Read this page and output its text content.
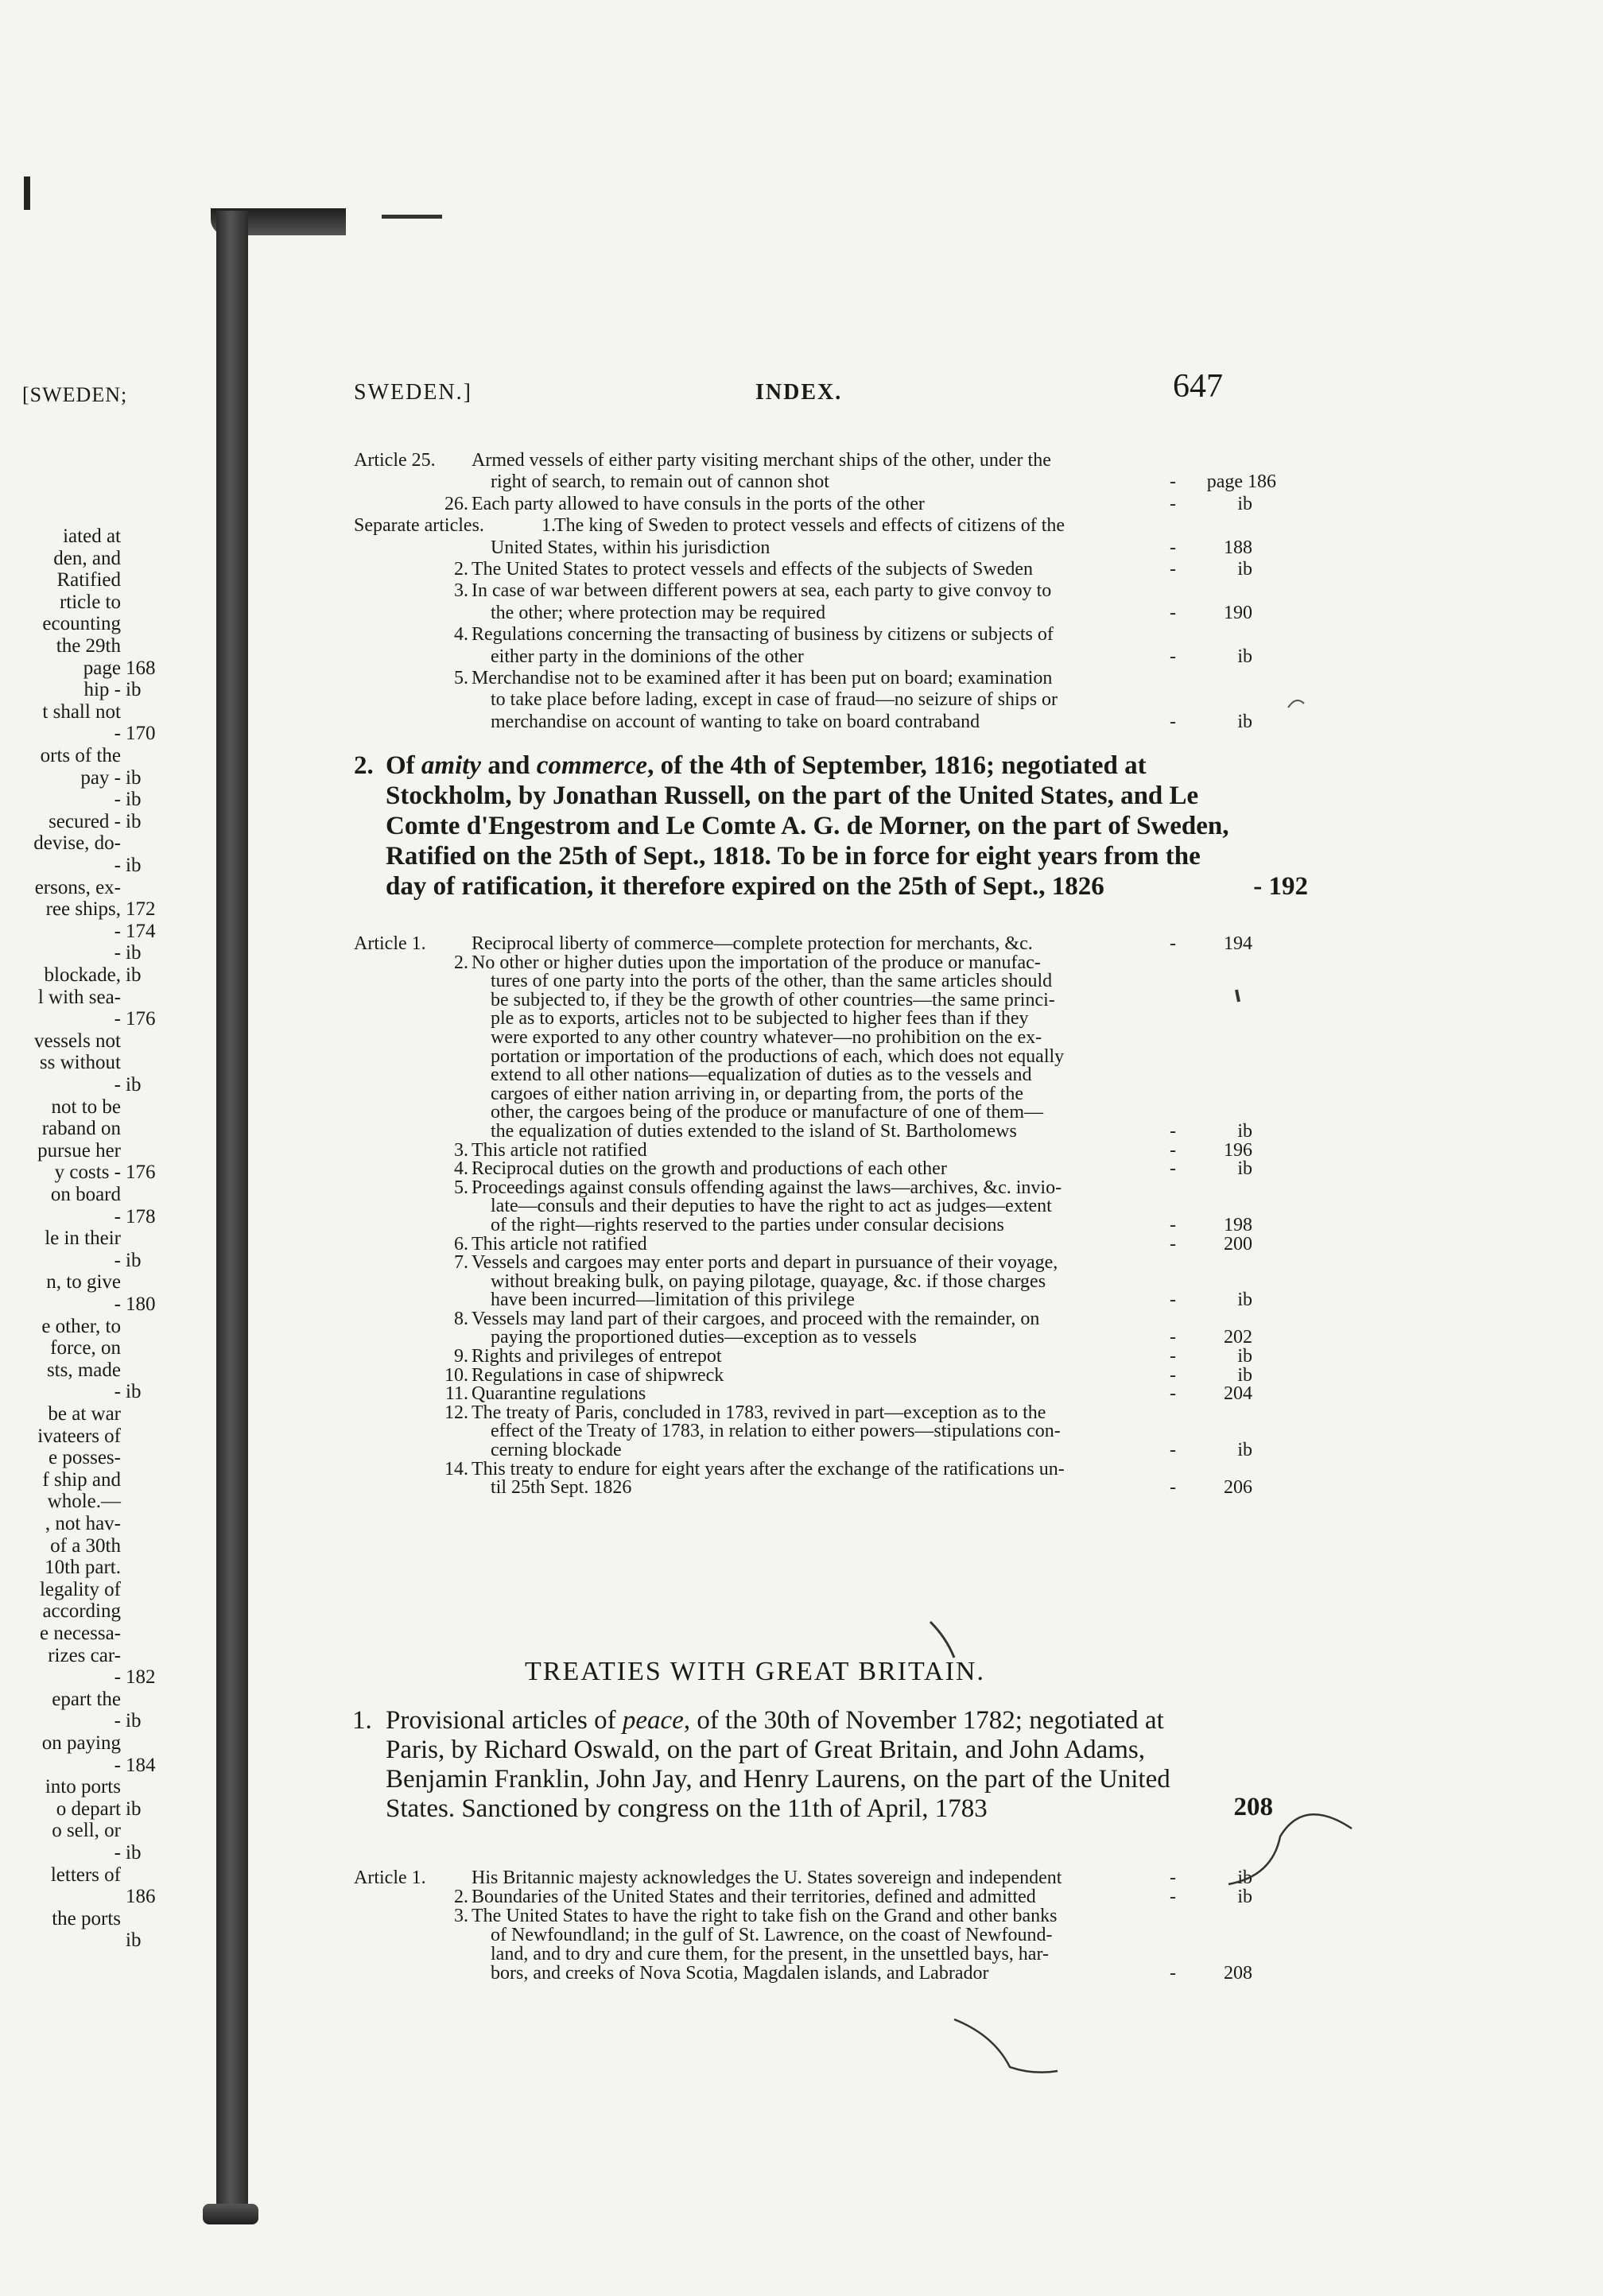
[SWEDEN;
iated at
den, and
Ratified
rticle to
ecounting
the 29th
page 168
hip - ib
t shall not
- 170
orts of the
pay - ib
- ib
secured - ib
devise, do-
- ib
ersons, ex-
ree ships, 172
- 174
- ib
blockade, ib
l with sea-
- 176
vessels not
ss without
- ib
not to be
raband on
pursue her
y costs - 176
on board
- 178
le in their
- ib
n, to give
- 180
e other, to
force, on
sts, made
- ib
be at war
ivateers of
e posses-
f ship and
whole.—
, not hav-
of a 30th
10th part.
legality of
according
e necessa-
rizes car-
- 182
epart the
- ib
on paying
- 184
into ports
o depart ib
o sell, or
- ib
letters of
186
the ports
ib
SWEDEN.]	INDEX.	647
Article 25. Armed vessels of either party visiting merchant ships of the other, under the
right of search, to remain out of cannon shot	-	page 186
26. Each party allowed to have consuls in the ports of the other	-	ib
Separate articles.	1.
The king of Sweden to protect vessels and effects of citizens of the
United States, within his jurisdiction	-	188
2. The United States to protect vessels and effects of the subjects of Sweden	-	ib
3. In case of war between different powers at sea, each party to give convoy to
the other; where protection may be required	-	190
4. Regulations concerning the transacting of business by citizens or subjects of
either party in the dominions of the other	-	ib
5. Merchandise not to be examined after it has been put on board; examination
to take place before lading, except in case of fraud—no seizure of ships or
merchandise on account of wanting to take on board contraband	-	ib
2. Of amity and commerce, of the 4th of September, 1816; negotiated at Stockholm, by Jonathan Russell, on the part of the United States, and Le Comte d'Engestrom and Le Comte A. G. de Morner, on the part of Sweden, Ratified on the 25th of Sept., 1818. To be in force for eight years from the day of ratification, it therefore expired on the 25th of Sept., 1826	- 192
Article 1. Reciprocal liberty of commerce—complete protection for merchants, &c.	-	194
2. No other or higher duties upon the importation of the produce or manufac-
tures of one party into the ports of the other, than the same articles should
be subjected to, if they be the growth of other countries—the same princi-
ple as to exports, articles not to be subjected to higher fees than if they
were exported to any other country whatever—no prohibition on the ex-
portation or importation of the productions of each, which does not equally
extend to all other nations—equalization of duties as to the vessels and
cargoes of either nation arriving in, or departing from, the ports of the
other, the cargoes being of the produce or manufacture of one of them—
the equalization of duties extended to the island of St. Bartholomews	-	ib
3. This article not ratified	-	196
4. Reciprocal duties on the growth and productions of each other	-	ib
5. Proceedings against consuls offending against the laws—archives, &c. invio-
late—consuls and their deputies to have the right to act as judges—extent
of the right—rights reserved to the parties under consular decisions	-	198
6. This article not ratified	-	200
7. Vessels and cargoes may enter ports and depart in pursuance of their voyage,
without breaking bulk, on paying pilotage, quayage, &c. if those charges
have been incurred—limitation of this privilege	-	ib
8. Vessels may land part of their cargoes, and proceed with the remainder, on
paying the proportioned duties—exception as to vessels	-	202
9. Rights and privileges of entrepot	-	ib
10. Regulations in case of shipwreck	-	ib
11. Quarantine regulations	-	204
12. The treaty of Paris, concluded in 1783, revived in part—exception as to the
effect of the Treaty of 1783, in relation to either powers—stipulations con-
cerning blockade	-	ib
14. This treaty to endure for eight years after the exchange of the ratifications un-
til 25th Sept. 1826	-	206
TREATIES WITH GREAT BRITAIN.
1. Provisional articles of peace, of the 30th of November 1782; negotiated at Paris, by Richard Oswald, on the part of Great Britain, and John Adams, Benjamin Franklin, John Jay, and Henry Laurens, on the part of the United States. Sanctioned by congress on the 11th of April, 1783	208
Article 1. His Britannic majesty acknowledges the U. States sovereign and independent	-	ib
2. Boundaries of the United States and their territories, defined and admitted	-	ib
3. The United States to have the right to take fish on the Grand and other banks
of Newfoundland; in the gulf of St. Lawrence, on the coast of Newfound-
land, and to dry and cure them, for the present, in the unsettled bays, har-
bors, and creeks of Nova Scotia, Magdalen islands, and Labrador	-	208
